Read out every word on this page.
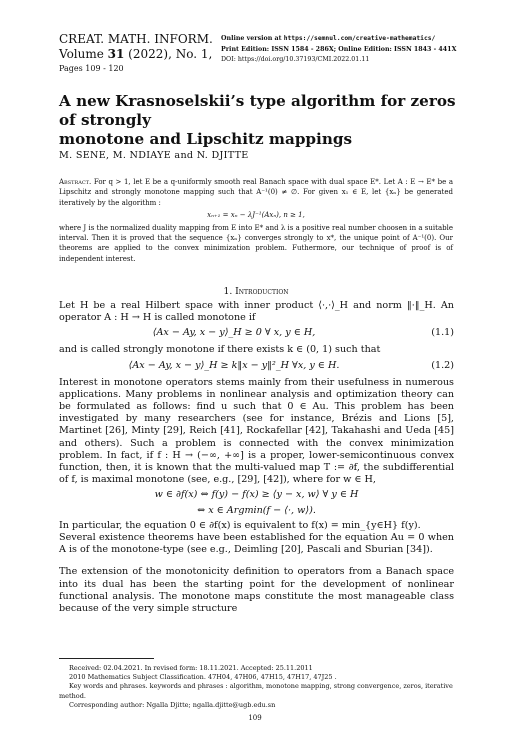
CREAT. MATH. INFORM.
Volume 31 (2022), No. 1,
Pages 109 - 120
Online version at https://semnul.com/creative-mathematics/
Print Edition: ISSN 1584 - 286X; Online Edition: ISSN 1843 - 441X
DOI: https://doi.org/10.37193/CMI.2022.01.11
A new Krasnoselskii’s type algorithm for zeros of strongly
monotone and Lipschitz mappings
M. SENE, M. NDIAYE and N. DJITTE
Abstract. For q > 1, let E be a q-uniformly smooth real Banach space with dual space E*. Let A : E → E* be a Lipschitz and strongly monotone mapping such that A⁻¹(0) ≠ ∅. For given x₁ ∈ E, let {xₙ} be generated iteratively by the algorithm :
xₙ₊₁ = xₙ − λJ⁻¹(Axₙ), n ≥ 1,
where J is the normalized duality mapping from E into E* and λ is a positive real number choosen in a suitable interval. Then it is proved that the sequence {xₙ} converges strongly to x*, the unique point of A⁻¹(0). Our theorems are applied to the convex minimization problem. Futhermore, our technique of proof is of independent interest.
1. Introduction

Let H be a real Hilbert space with inner product ⟨·,·⟩_H and norm ‖·‖_H. An operator A : H → H is called monotone if

⟨Ax − Ay, x − y⟩_H ≥ 0 ∀ x, y ∈ H,	(1.1)

and is called strongly monotone if there exists k ∈ (0, 1) such that

⟨Ax − Ay, x − y⟩_H ≥ k‖x − y‖²_H ∀x, y ∈ H.	(1.2)

Interest in monotone operators stems mainly from their usefulness in numerous applications. Many problems in nonlinear analysis and optimization theory can be formulated as follows: find u such that 0 ∈ Au. This problem has been investigated by many researchers (see for instance, Brézis and Lions [5], Martinet [26], Minty [29], Reich [41], Rockafellar [42], Takahashi and Ueda [45] and others). Such a problem is connected with the convex minimization problem. In fact, if f : H → (−∞, +∞] is a proper, lower-semicontinuous convex function, then, it is known that the multi-valued map T := ∂f, the subdifferential of f, is maximal monotone (see, e.g., [29], [42]), where for w ∈ H,

w ∈ ∂f(x) ⇔ f(y) − f(x) ≥ ⟨y − x, w⟩ ∀ y ∈ H
⇔ x ∈ Argmin(f − ⟨·, w⟩).

In particular, the equation 0 ∈ ∂f(x) is equivalent to f(x) = min_{y∈H} f(y).

Several existence theorems have been established for the equation Au = 0 when A is of the monotone-type (see e.g., Deimling [20], Pascali and Sburian [34]).

The extension of the monotonicity definition to operators from a Banach space into its dual has been the starting point for the development of nonlinear functional analysis. The monotone maps constitute the most manageable class because of the very simple structure

Received: 02.04.2021. In revised form: 18.11.2021. Accepted: 25.11.2011
2010 Mathematics Subject Classification. 47H04, 47H06, 47H15, 47H17, 47J25 .
Key words and phrases. keywords and phrases : algorithm, monotone mapping, strong convergence, zeros, iterative method.
Corresponding author: Ngalla Djitte; ngalla.djitte@ugb.edu.sn
109
